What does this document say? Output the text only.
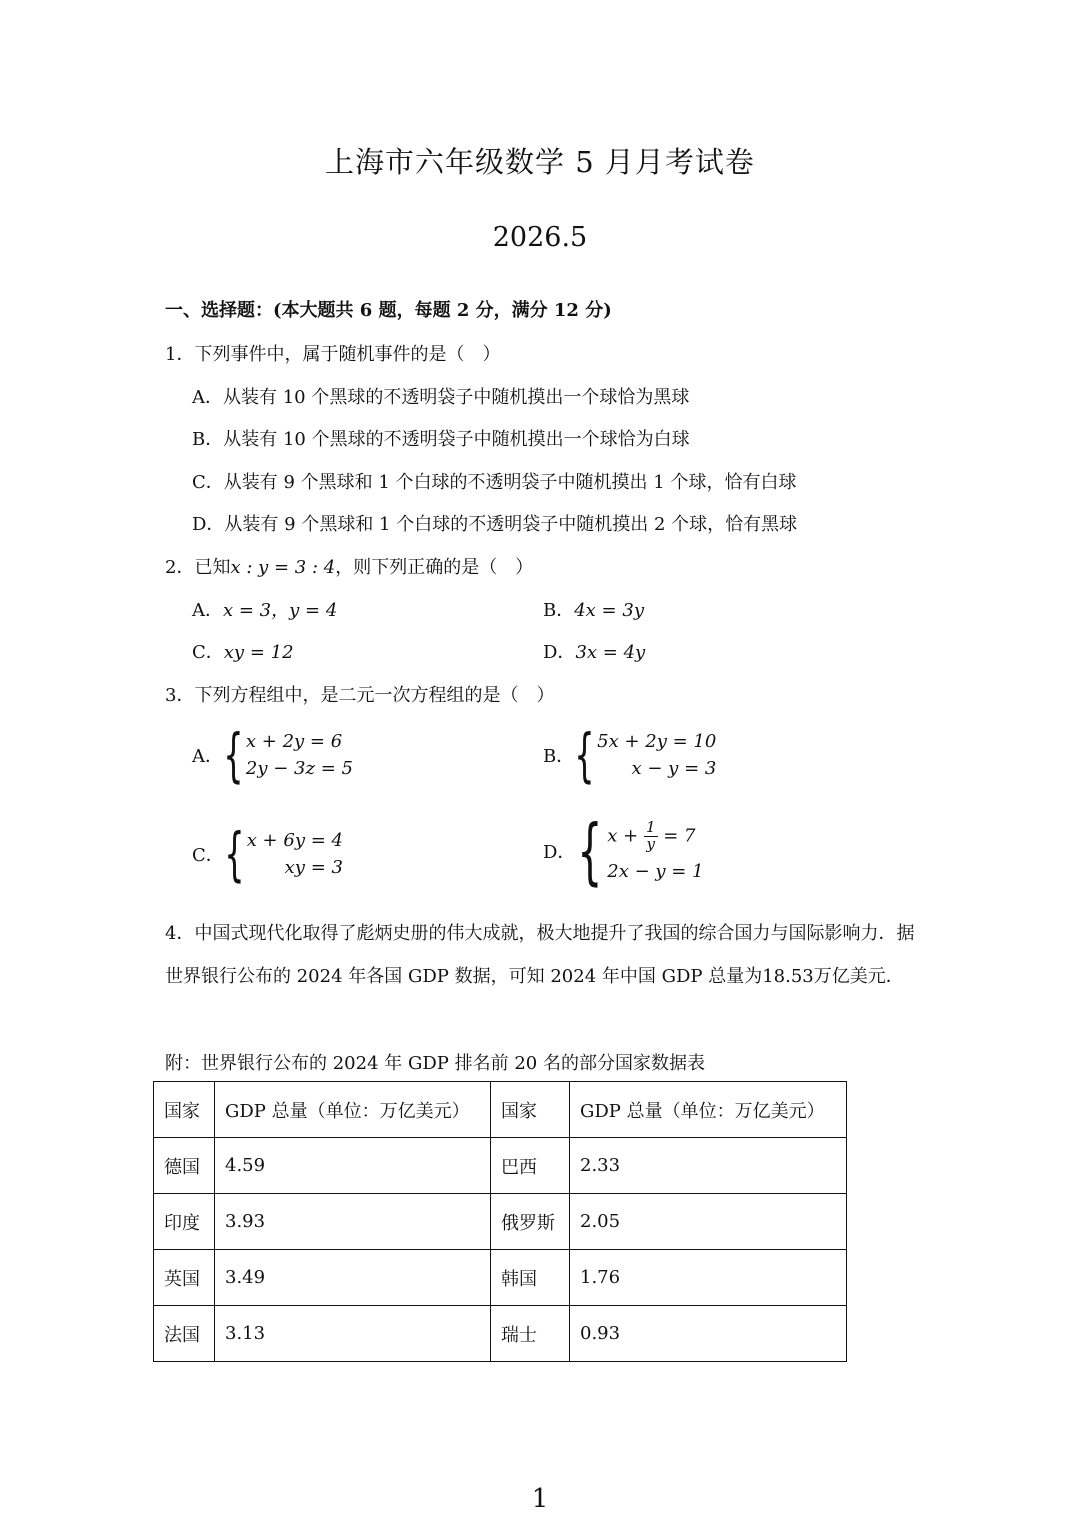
上海市六年级数学 5 月月考试卷
2026.5
一、选择题：(本大题共 6 题，每题 2 分，满分 12 分)
1．下列事件中，属于随机事件的是（　）
A．从装有 10 个黑球的不透明袋子中随机摸出一个球恰为黑球
B．从装有 10 个黑球的不透明袋子中随机摸出一个球恰为白球
C．从装有 9 个黑球和 1 个白球的不透明袋子中随机摸出 1 个球，恰有白球
D．从装有 9 个黑球和 1 个白球的不透明袋子中随机摸出 2 个球，恰有黑球
2．已知x : y = 3 : 4，则下列正确的是（　）
A．x = 3，y = 4	B．4x = 3y
C．xy = 12	D．3x = 4y
3．下列方程组中，是二元一次方程组的是（　）
A． { x + 2y = 6
2y − 3z = 5
B． { 5x + 2y = 10
x − y = 3
C． { x + 6y = 4
xy = 3
D． { $x + \frac{1}{y} = 7$
2x − y = 1
4．中国式现代化取得了彪炳史册的伟大成就，极大地提升了我国的综合国力与国际影响力．据世界银行公布的 2024 年各国 GDP 数据，可知 2024 年中国 GDP 总量为18.53万亿美元．
附：世界银行公布的 2024 年 GDP 排名前 20 名的部分国家数据表
国家	GDP 总量（单位：万亿美元）	国家	GDP 总量（单位：万亿美元）
德国	4.59	巴西	2.33
印度	3.93	俄罗斯	2.05
英国	3.49	韩国	1.76
法国	3.13	瑞士	0.93
1
